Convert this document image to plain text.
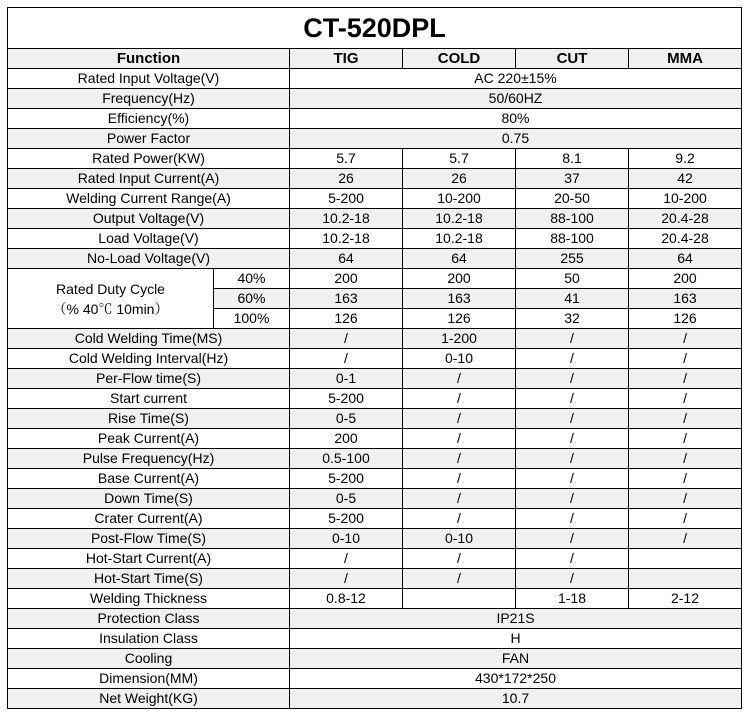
CT-520DPL					
Function		TIG	COLD	CUT	MMA
Rated Input Voltage(V)		AC 220±15%			
Frequency(Hz)		50/60HZ			
Efficiency(%)		80%			
Power Factor		0.75			
Rated Power(KW)		5.7	5.7	8.1	9.2
Rated Input Current(A)		26	26	37	42
Welding Current Range(A)		5-200	10-200	20-50	10-200
Output Voltage(V)		10.2-18	10.2-18	88-100	20.4-28
Load Voltage(V)		10.2-18	10.2-18	88-100	20.4-28
No-Load Voltage(V)		64	64	255	64

Rated Duty Cycle
（% 40℃ 10min）	40%	200	200	50	200
	60%	163	163	41	163
	100%	126	126	32	126
Cold Welding Time(MS)		/	1-200	/	/
Cold Welding Interval(Hz)		/	0-10	/	/
Per-Flow time(S)		0-1	/	/	/
Start current		5-200	/	/	/
Rise Time(S)		0-5	/	/	/
Peak Current(A)		200	/	/	/
Pulse Frequency(Hz)		0.5-100	/	/	/
Base Current(A)		5-200	/	/	/
Down Time(S)		0-5	/	/	/
Crater Current(A)		5-200	/	/	/
Post-Flow Time(S)		0-10	0-10	/	/
Hot-Start Current(A)		/	/	/	
Hot-Start Time(S)		/	/	/	
Welding Thickness		0.8-12		1-18	2-12
Protection Class		IP21S			
Insulation Class		H			
Cooling		FAN			
Dimension(MM)		430*172*250			
Net Weight(KG)		10.7			
